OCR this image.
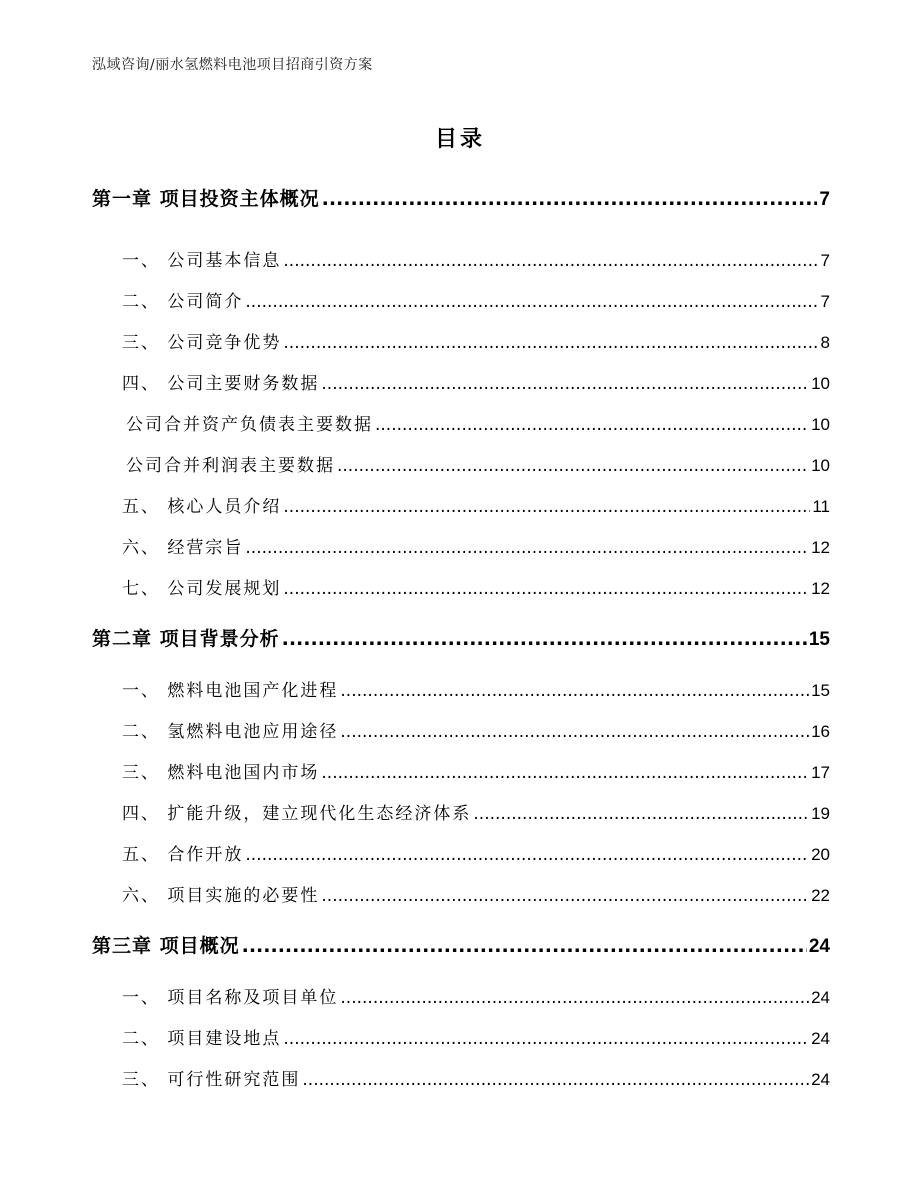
泓域咨询/丽水氢燃料电池项目招商引资方案
目录
第一章 项目投资主体概况 .....	7
一、 公司基本信息 .....	7
二、 公司简介 .....	7
三、 公司竞争优势 .....	8
四、 公司主要财务数据 .....	10
公司合并资产负债表主要数据 .....	10
公司合并利润表主要数据 .....	10
五、 核心人员介绍 .....	11
六、 经营宗旨 .....	12
七、 公司发展规划 .....	12
第二章 项目背景分析 .....	15
一、 燃料电池国产化进程 .....	15
二、 氢燃料电池应用途径 .....	16
三、 燃料电池国内市场 .....	17
四、 扩能升级，建立现代化生态经济体系 .....	19
五、 合作开放 .....	20
六、 项目实施的必要性 .....	22
第三章 项目概况 .....	24
一、 项目名称及项目单位 .....	24
二、 项目建设地点 .....	24
三、 可行性研究范围 .....	24
